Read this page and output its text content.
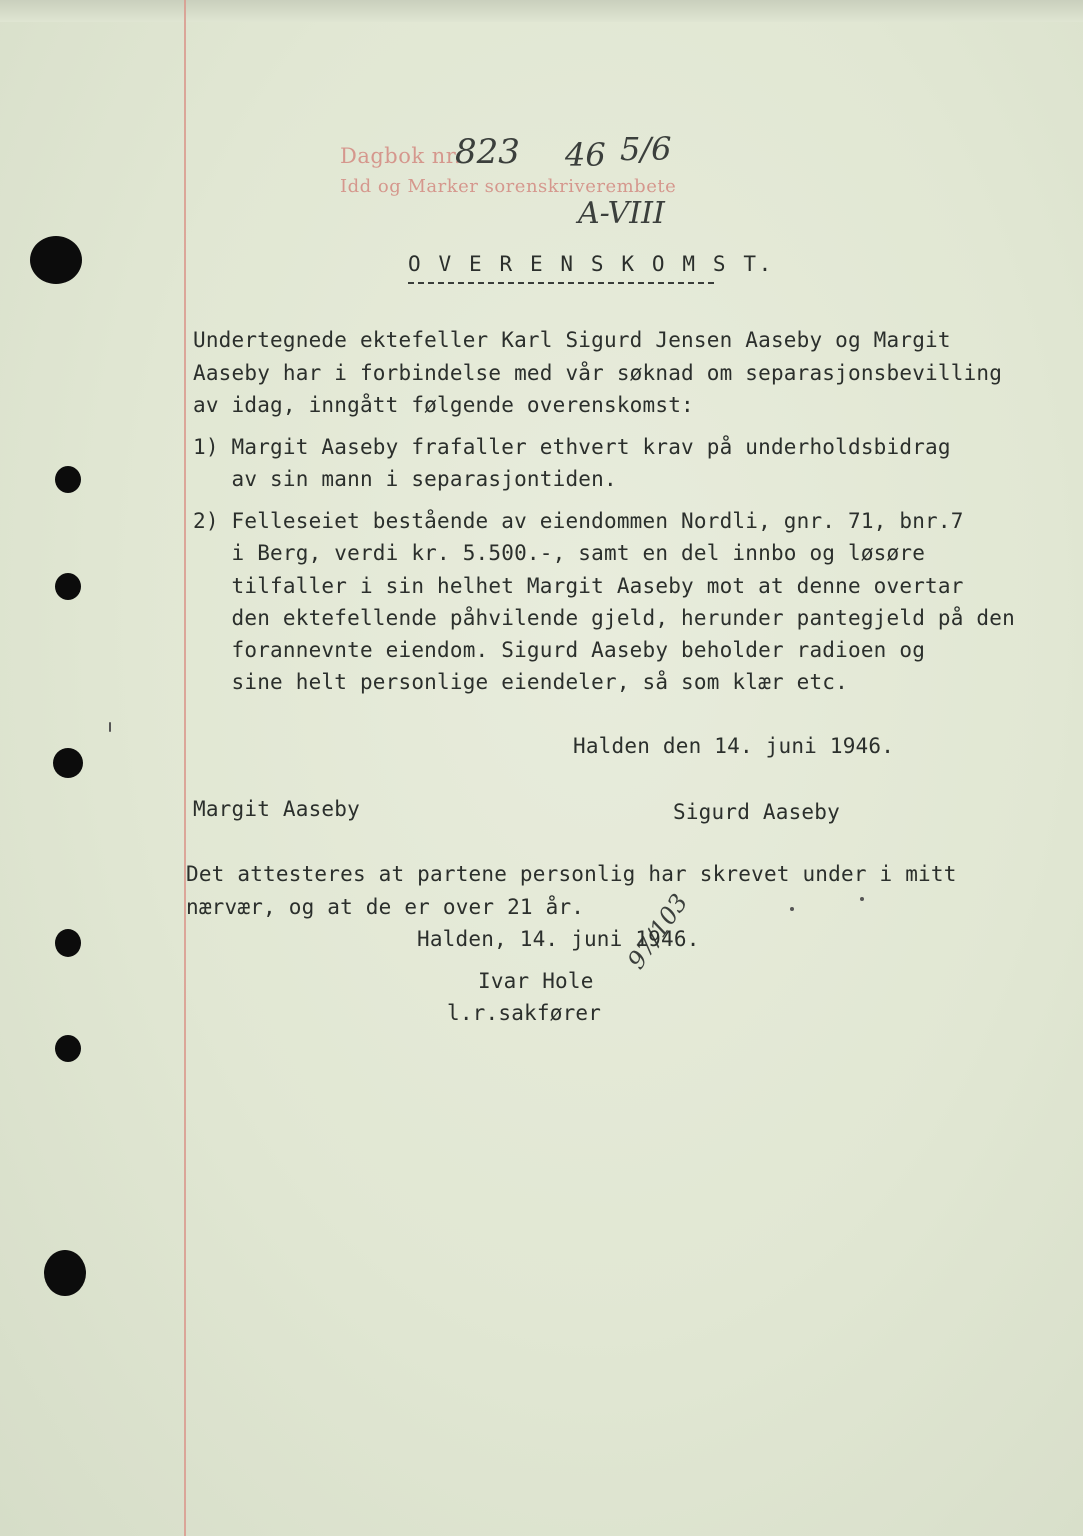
Dagbok nr.
Idd og Marker sorenskriverembete
823 46 5/6
A-VIII
97/103
O V E R E N S K O M S T.
Undertegnede ektefeller Karl Sigurd Jensen Aaseby og Margit
Aaseby har i forbindelse med vår søknad om separasjonsbevilling
av idag, inngått følgende overenskomst:
1) Margit Aaseby frafaller ethvert krav på underholdsbidrag
av sin mann i separasjontiden.
2) Felleseiet bestående av eiendommen Nordli, gnr. 71, bnr.7
i Berg, verdi kr. 5.500.-, samt en del innbo og løsøre
tilfaller i sin helhet Margit Aaseby mot at denne overtar
den ektefellende påhvilende gjeld, herunder pantegjeld på den
forannevnte eiendom. Sigurd Aaseby beholder radioen og
sine helt personlige eiendeler, så som klær etc.
Halden den 14. juni 1946.
Margit Aaseby	Sigurd Aaseby
Det attesteres at partene personlig har skrevet under i mitt
nærvær, og at de er over 21 år.
Halden, 14. juni 1946.
Ivar Hole
l.r.sakfører
